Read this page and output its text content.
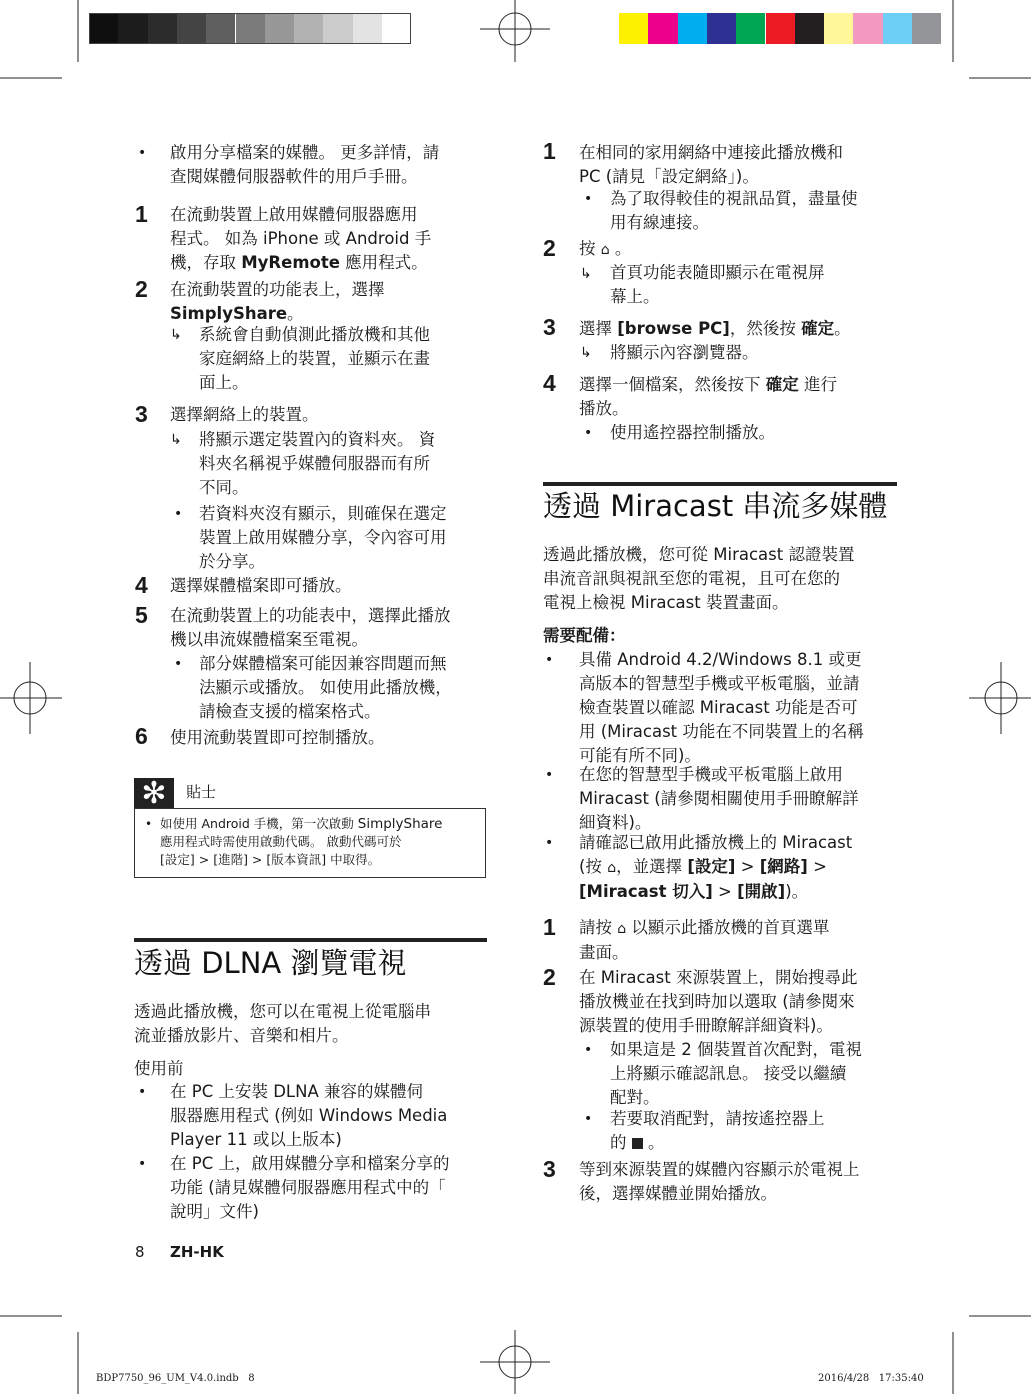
• 啟用分享檔案的媒體。 更多詳情，請
查閱媒體伺服器軟件的用戶手冊。
1 在流動裝置上啟用媒體伺服器應用
程式。 如為 iPhone 或 Android 手
機，存取 MyRemote 應用程式。
2 在流動裝置的功能表上，選擇
SimplyShare。
↳ 系統會自動偵測此播放機和其他
家庭網絡上的裝置，並顯示在畫
面上。
3 選擇網絡上的裝置。
↳ 將顯示選定裝置內的資料夾。 資
料夾名稱視乎媒體伺服器而有所
不同。
• 若資料夾沒有顯示，則確保在選定
裝置上啟用媒體分享，令內容可用
於分享。
4 選擇媒體檔案即可播放。
5 在流動裝置上的功能表中，選擇此播放
機以串流媒體檔案至電視。
• 部分媒體檔案可能因兼容問題而無
法顯示或播放。 如使用此播放機，
請檢查支援的檔案格式。
6 使用流動裝置即可控制播放。
✻	貼士
• 如使用 Android 手機，第一次啟動 SimplyShare
應用程式時需使用啟動代碼。 啟動代碼可於
[設定] > [進階] > [版本資訊] 中取得。
透過 DLNA 瀏覽電視
透過此播放機，您可以在電視上從電腦串
流並播放影片、音樂和相片。
使用前
• 在 PC 上安裝 DLNA 兼容的媒體伺
服器應用程式 (例如 Windows Media
Player 11 或以上版本)
• 在 PC 上，啟用媒體分享和檔案分享的
功能 (請見媒體伺服器應用程式中的「
說明」文件)
1 在相同的家用網絡中連接此播放機和
PC (請見「設定網絡」)。
• 為了取得較佳的視訊品質，盡量使
用有線連接。
2 按 ⌂ 。
↳ 首頁功能表隨即顯示在電視屏
幕上。
3 選擇 [browse PC]，然後按 確定。
↳ 將顯示內容瀏覽器。
4 選擇一個檔案，然後按下 確定 進行
播放。
• 使用遙控器控制播放。
透過 Miracast 串流多媒體
透過此播放機，您可從 Miracast 認證裝置
串流音訊與視訊至您的電視，且可在您的
電視上檢視 Miracast 裝置畫面。
需要配備：
• 具備 Android 4.2/Windows 8.1 或更
高版本的智慧型手機或平板電腦，並請
檢查裝置以確認 Miracast 功能是否可
用 (Miracast 功能在不同裝置上的名稱
可能有所不同)。
• 在您的智慧型手機或平板電腦上啟用
Miracast (請參閱相關使用手冊瞭解詳
細資料)。
• 請確認已啟用此播放機上的 Miracast
(按 ⌂，並選擇 [設定] > [網路] >
[Miracast 切入] > [開啟])。
1 請按 ⌂ 以顯示此播放機的首頁選單
畫面。
2 在 Miracast 來源裝置上，開始搜尋此
播放機並在找到時加以選取 (請參閱來
源裝置的使用手冊瞭解詳細資料)。
• 如果這是 2 個裝置首次配對，電視
上將顯示確認訊息。 接受以繼續
配對。
• 若要取消配對，請按遙控器上
的  。
3 等到來源裝置的媒體內容顯示於電視上
後，選擇媒體並開始播放。
8 ZH-HK
BDP7750_96_UM_V4.0.indb   8	2016/4/28   17:35:40
